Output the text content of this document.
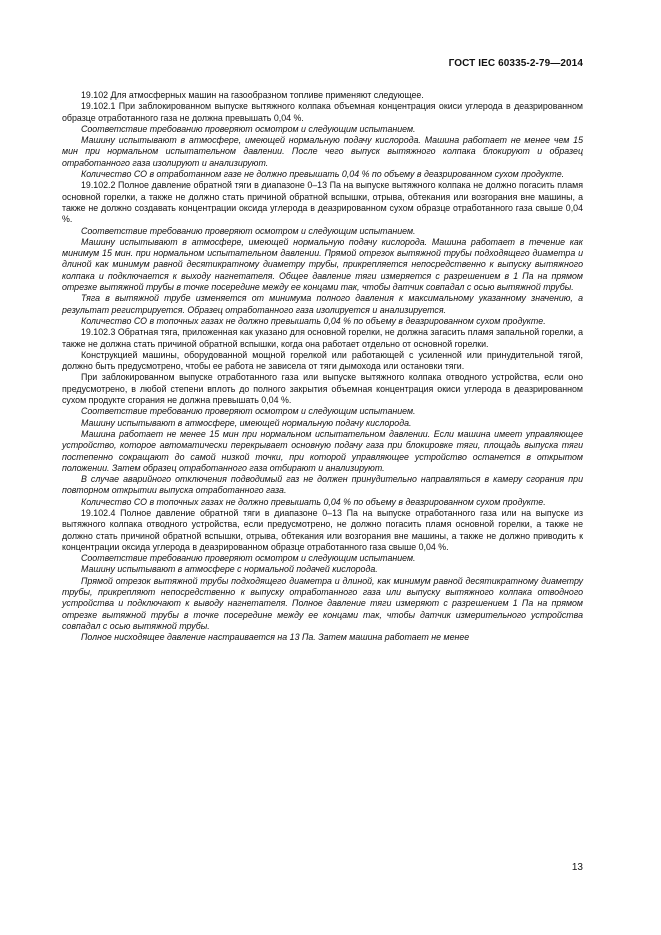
ГОСТ IEC 60335-2-79—2014

19.102 Для атмосферных машин на газообразном топливе применяют следующее.

19.102.1 При заблокированном выпуске вытяжного колпака объемная концентрация окиси углерода в деазрированном образце отработанного газа не должна превышать 0,04 %.

Соответствие требованию проверяют осмотром и следующим испытанием.

Машину испытывают в атмосфере, имеющей нормальную подачу кислорода. Машина работает не менее чем 15 мин при нормальном испытательном давлении. После чего выпуск вытяжного колпака блокируют и образец отработанного газа изолируют и анализируют.

Количество СО в отработанном газе не должно превышать 0,04 % по объему в деазрированном сухом продукте.

19.102.2 Полное давление обратной тяги в диапазоне 0–13 Па на выпуске вытяжного колпака не должно погасить пламя основной горелки, а также не должно стать причиной обратной вспышки, отрыва, обтекания или возгорания вне машины, а также не должно создавать концентрации оксида углерода в деазрированном сухом образце отработанного газа свыше 0,04 %.

Соответствие требованию проверяют осмотром и следующим испытанием.

Машину испытывают в атмосфере, имеющей нормальную подачу кислорода. Машина работает в течение как минимум 15 мин. при нормальном испытательном давлении. Прямой отрезок вытяжной трубы подходящего диаметра и длиной как минимум равной десятикратному диаметру трубы, прикрепляется непосредственно к выпуску вытяжного колпака и подключается к выходу нагнетателя. Общее давление тяги измеряется с разрешением в 1 Па на прямом отрезке вытяжной трубы в точке посередине между ее концами так, чтобы датчик совпадал с осью вытяжной трубы.

Тяга в вытяжной трубе изменяется от минимума полного давления к максимальному указанному значению, а результат регистрируется. Образец отработанного газа изолируется и анализируется.

Количество СО в топочных газах не должно превышать 0,04 % по объему в деазрированном сухом продукте.

19.102.3 Обратная тяга, приложенная как указано для основной горелки, не должна загасить пламя запальной горелки, а также не должна стать причиной обратной вспышки, когда она работает отдельно от основной горелки.

Конструкцией машины, оборудованной мощной горелкой или работающей с усиленной или принудительной тягой, должно быть предусмотрено, чтобы ее работа не зависела от тяги дымохода или остановки тяги.

При заблокированном выпуске отработанного газа или выпуске вытяжного колпака отводного устройства, если оно предусмотрено, в любой степени вплоть до полного закрытия объемная концентрация окиси углерода в деазрированном сухом продукте сгорания не должна превышать 0,04 %.

Соответствие требованию проверяют осмотром и следующим испытанием.

Машину испытывают в атмосфере, имеющей нормальную подачу кислорода.

Машина работает не менее 15 мин при нормальном испытательном давлении. Если машина имеет управляющее устройство, которое автоматически перекрывает основную подачу газа при блокировке тяги, площадь выпуска тяги постепенно сокращают до самой низкой точки, при которой управляющее устройство останется в открытом положении. Затем образец отработанного газа отбирают и анализируют.

В случае аварийного отключения подводимый газ не должен принудительно направляться в камеру сгорания при повторном открытии выпуска отработанного газа.

Количество СО в топочных газах не должно превышать 0,04 % по объему в деазрированном сухом продукте.

19.102.4 Полное давление обратной тяги в диапазоне 0–13 Па на выпуске отработанного газа или на выпуске из вытяжного колпака отводного устройства, если предусмотрено, не должно погасить пламя основной горелки, а также не должно стать причиной обратной вспышки, отрыва, обтекания или возгорания вне машины, а также не должно приводить к концентрации оксида углерода в деазрированном образце отработанного газа свыше 0,04 %.

Соответствие требованию проверяют осмотром и следующим испытанием.

Машину испытывают в атмосфере с нормальной подачей кислорода.

Прямой отрезок вытяжной трубы подходящего диаметра и длиной, как минимум равной десятикратному диаметру трубы, прикрепляют непосредственно к выпуску отработанного газа или выпуску вытяжного колпака отводного устройства и подключают к выводу нагнетателя. Полное давление тяги измеряют с разрешением 1 Па на прямом отрезке вытяжной трубы в точке посередине между ее концами так, чтобы датчик измерительного устройства совпадал с осью вытяжной трубы.

Полное нисходящее давление настраивается на 13 Па. Затем машина работает не менее

13
